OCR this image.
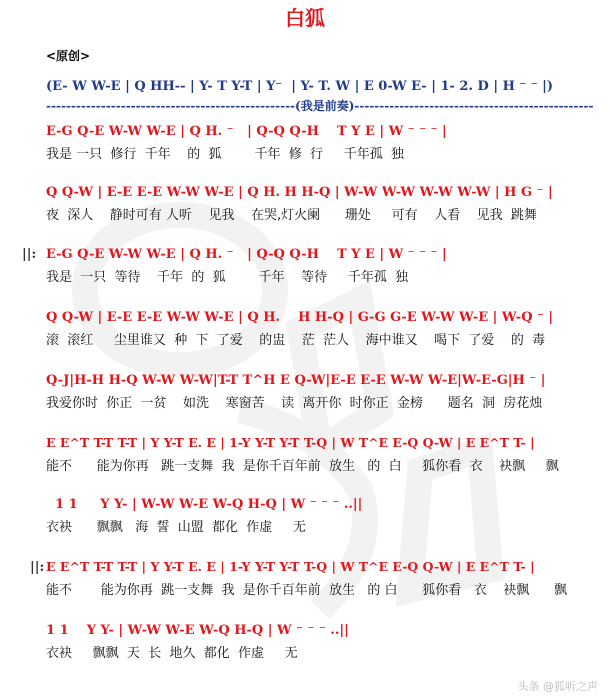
白狐
<原创>
(E- W W-E | Q HH-- | Y- T Y-T | Y⁻  | Y- T. W | E 0-W E- | 1- 2. D | H ⁻ ⁻ |)
--------------------------------------------------(我是前奏)------------------------------------------------
E-G Q-E W-W W-E | Q H. ⁻   | Q-Q Q-H    T Y E | W ⁻ ⁻ ⁻ |
我是 一只  修行  千年    的  狐        千年  修  行     千年孤  独
Q Q-W | E-E E-E W-W W-E | Q H. H H-Q | W-W W-W W-W W-W | H G ⁻ |
夜  深人    静时可有 人听    见我    在哭,灯火阑      珊处     可有    人看    见我  跳舞
||: E-G Q-E W-W W-E | Q H. ⁻   | Q-Q Q-H    T Y E | W ⁻ ⁻ ⁻ |
我是  一只  等待    千年  的  狐        千年    等待     千年孤  独
Q Q-W | E-E E-E W-W W-E | Q H.    H H-Q | G-G G-E W-W W-E | W-Q ⁻ |
滚  滚红     尘里谁又  种  下  了爱    的盅    茫  茫人    海中谁又    喝下  了爱    的  毒
Q-J|H-H H-Q W-W W-W|T-T T^H E Q-W|E-E E-E W-W W-E|W-E-G|H ⁻ |
我爱你时  你正  一贫    如洗    寒窗苦    读  离开你  时你正  金榜      题名  洞  房花烛
E E^T T-T T-T | Y Y-T E. E | 1-Y Y-T Y-T T-Q | W T^E E-Q Q-W | E E^T T- |
能不      能为你再   跳一支舞  我  是你千百年前  放生   的  白     狐你看  衣    袂飘     飘
1 1     Y Y- | W-W W-E W-Q H-Q | W ⁻ ⁻ ⁻ ..||
衣袂      飘飘   海  誓  山盟  都化  作虚     无
||: E E^T T-T T-T | Y Y-T E. E | 1-Y Y-T Y-T T-Q | W T^E E-Q Q-W | E E^T T- |
能不       能为你再  跳一支舞  我  是你千百年前  放生   的 白      狐你看   衣    袂飘      飘
1 1    Y Y- | W-W W-E W-Q H-Q | W ⁻ ⁻ ⁻ ..||
衣袂     飘飘  天  长  地久  都化  作虚     无
头条 @狐听之声
